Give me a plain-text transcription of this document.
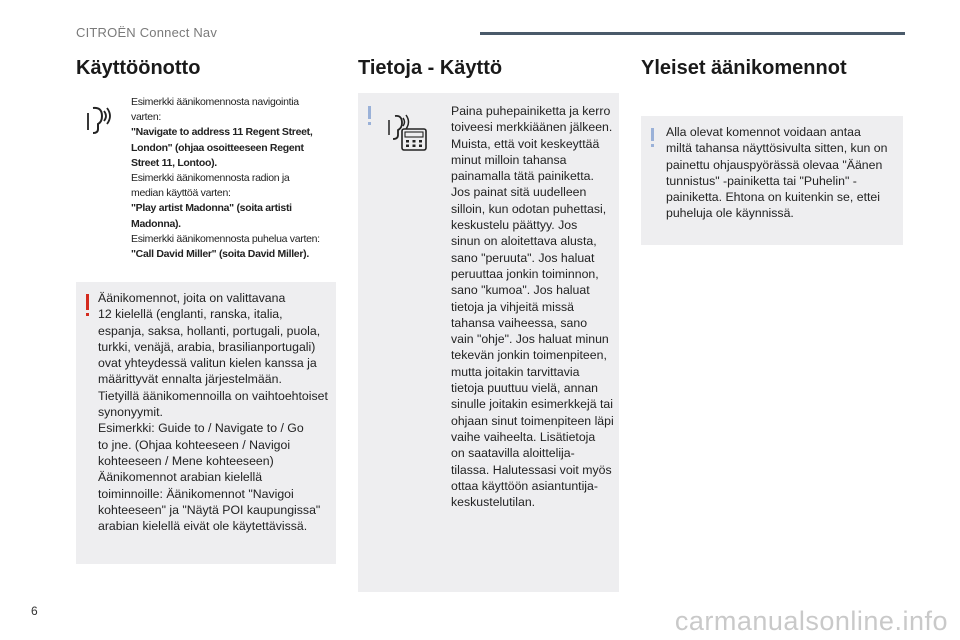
CITROËN Connect Nav
Käyttöönotto
Esimerkki äänikomennosta navigointia
varten:
"Navigate to address 11 Regent Street,
London" (ohjaa osoitteeseen Regent
Street 11, Lontoo).
Esimerkki äänikomennosta radion ja
median käyttöä varten:
"Play artist Madonna" (soita artisti
Madonna).
Esimerkki äänikomennosta puhelua varten:
"Call David Miller" (soita David Miller).
Äänikomennot, joita on valittavana
12 kielellä (englanti, ranska, italia,
espanja, saksa, hollanti, portugali, puola,
turkki, venäjä, arabia, brasilianportugali)
ovat yhteydessä valitun kielen kanssa ja
määrittyvät ennalta järjestelmään.
Tietyillä äänikomennoilla on vaihtoehtoiset
synonyymit.
Esimerkki: Guide to / Navigate to / Go
to jne. (Ohjaa kohteeseen / Navigoi
kohteeseen / Mene kohteeseen)
Äänikomennot arabian kielellä
toiminnoille: Äänikomennot "Navigoi
kohteeseen" ja "Näytä POI kaupungissa"
arabian kielellä eivät ole käytettävissä.
Tietoja - Käyttö
Paina puhepainiketta ja kerro
toiveesi merkkiäänen jälkeen.
Muista, että voit keskeyttää
minut milloin tahansa
painamalla tätä painiketta.
Jos painat sitä uudelleen
silloin, kun odotan puhettasi,
keskustelu päättyy. Jos
sinun on aloitettava alusta,
sano "peruuta". Jos haluat
peruuttaa jonkin toiminnon,
sano "kumoa". Jos haluat
tietoja ja vihjeitä missä
tahansa vaiheessa, sano
vain "ohje". Jos haluat minun
tekevän jonkin toimenpiteen,
mutta joitakin tarvittavia
tietoja puuttuu vielä, annan
sinulle joitakin esimerkkejä tai
ohjaan sinut toimenpiteen läpi
vaihe vaiheelta. Lisätietoja
on saatavilla aloittelija-
tilassa. Halutessasi voit myös
ottaa käyttöön asiantuntija-
keskustelutilan.
Yleiset äänikomennot
Alla olevat komennot voidaan antaa
miltä tahansa näyttösivulta sitten, kun on
painettu ohjauspyörässä olevaa "Äänen
tunnistus" -painiketta tai "Puhelin" -
painiketta. Ehtona on kuitenkin se, ettei
puheluja ole käynnissä.
6	carmanualsonline.info
